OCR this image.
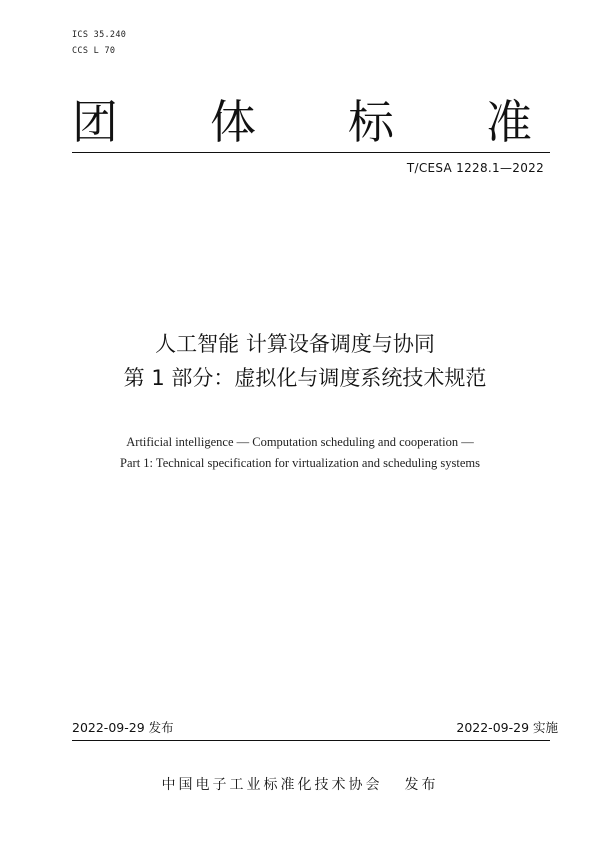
ICS 35.240
CCS L 70
团 体 标 准
T/CESA 1228.1—2022
人工智能 计算设备调度与协同
第 1 部分：虚拟化与调度系统技术规范
Artificial intelligence — Computation scheduling and cooperation —
Part 1: Technical specification for virtualization and scheduling systems
2022-09-29 发布	2022-09-29 实施
中国电子工业标准化技术协会 发布
